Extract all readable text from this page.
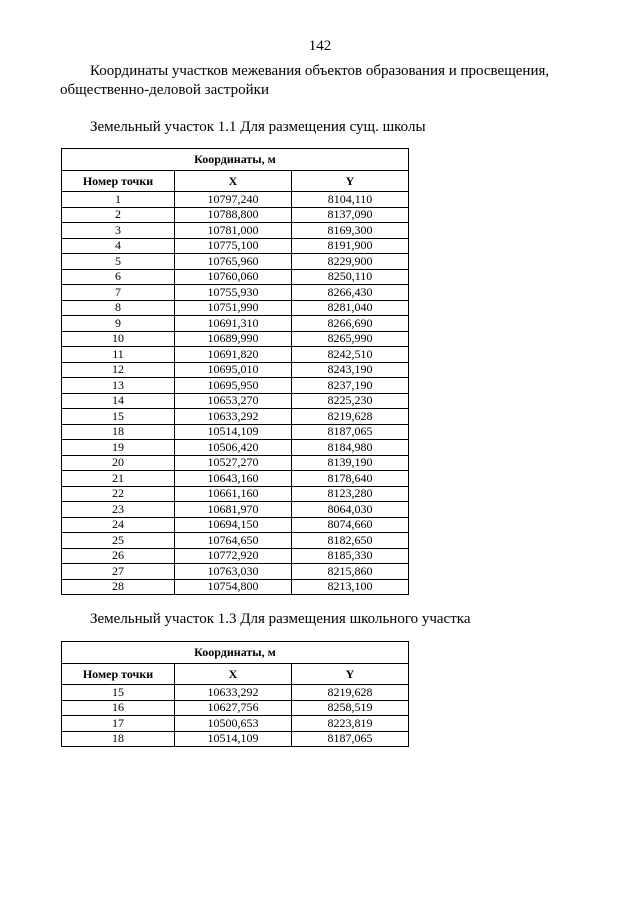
142
Координаты участков межевания объектов образования и просвещения, общественно-деловой застройки
Земельный участок 1.1 Для размещения сущ. школы
Координаты, м		
Номер точки	X	Y
1	10797,240	8104,110
2	10788,800	8137,090
3	10781,000	8169,300
4	10775,100	8191,900
5	10765,960	8229,900
6	10760,060	8250,110
7	10755,930	8266,430
8	10751,990	8281,040
9	10691,310	8266,690
10	10689,990	8265,990
11	10691,820	8242,510
12	10695,010	8243,190
13	10695,950	8237,190
14	10653,270	8225,230
15	10633,292	8219,628
18	10514,109	8187,065
19	10506,420	8184,980
20	10527,270	8139,190
21	10643,160	8178,640
22	10661,160	8123,280
23	10681,970	8064,030
24	10694,150	8074,660
25	10764,650	8182,650
26	10772,920	8185,330
27	10763,030	8215,860
28	10754,800	8213,100
Земельный участок 1.3 Для размещения школьного участка
Координаты, м		
Номер точки	X	Y
15	10633,292	8219,628
16	10627,756	8258,519
17	10500,653	8223,819
18	10514,109	8187,065
